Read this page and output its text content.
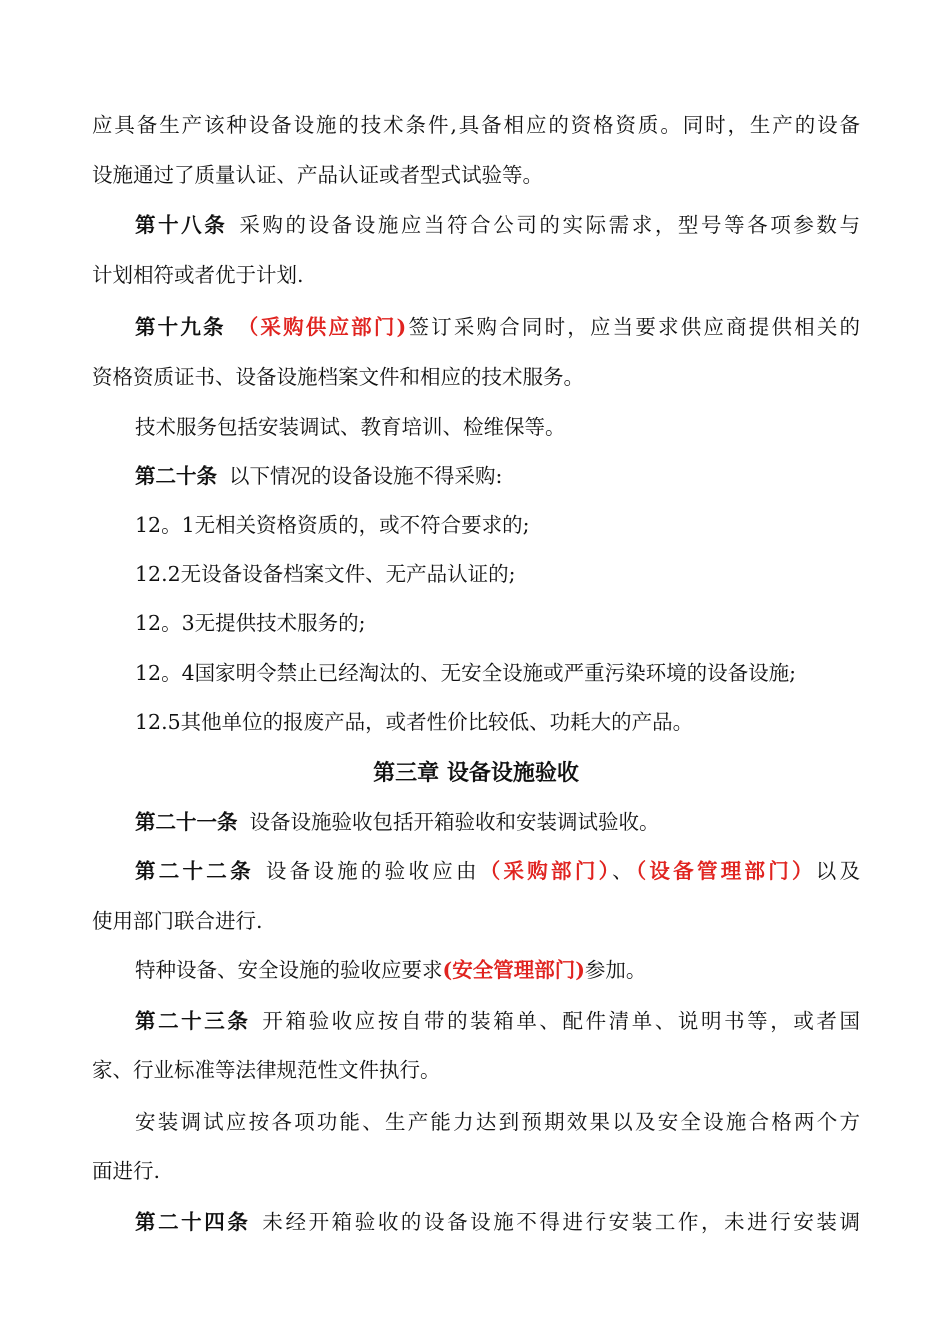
应具备生产该种设备设施的技术条件,具备相应的资格资质。同时，生产的设备

设施通过了质量认证、产品认证或者型式试验等。

第十八条 采购的设备设施应当符合公司的实际需求，型号等各项参数与

计划相符或者优于计划.

第十九条 （采购供应部门)签订采购合同时，应当要求供应商提供相关的

资格资质证书、设备设施档案文件和相应的技术服务。

技术服务包括安装调试、教育培训、检维保等。

第二十条 以下情况的设备设施不得采购:

12。1无相关资格资质的，或不符合要求的;

12.2无设备设备档案文件、无产品认证的;

12。3无提供技术服务的;

12。4国家明令禁止已经淘汰的、无安全设施或严重污染环境的设备设施;

12.5其他单位的报废产品，或者性价比较低、功耗大的产品。

第三章 设备设施验收

第二十一条 设备设施验收包括开箱验收和安装调试验收。

第二十二条 设备设施的验收应由（采购部门）、（设备管理部门）以及

使用部门联合进行.

特种设备、安全设施的验收应要求(安全管理部门)参加。

第二十三条 开箱验收应按自带的装箱单、配件清单、说明书等，或者国

家、行业标准等法律规范性文件执行。

安装调试应按各项功能、生产能力达到预期效果以及安全设施合格两个方

面进行.

第二十四条 未经开箱验收的设备设施不得进行安装工作，未进行安装调
